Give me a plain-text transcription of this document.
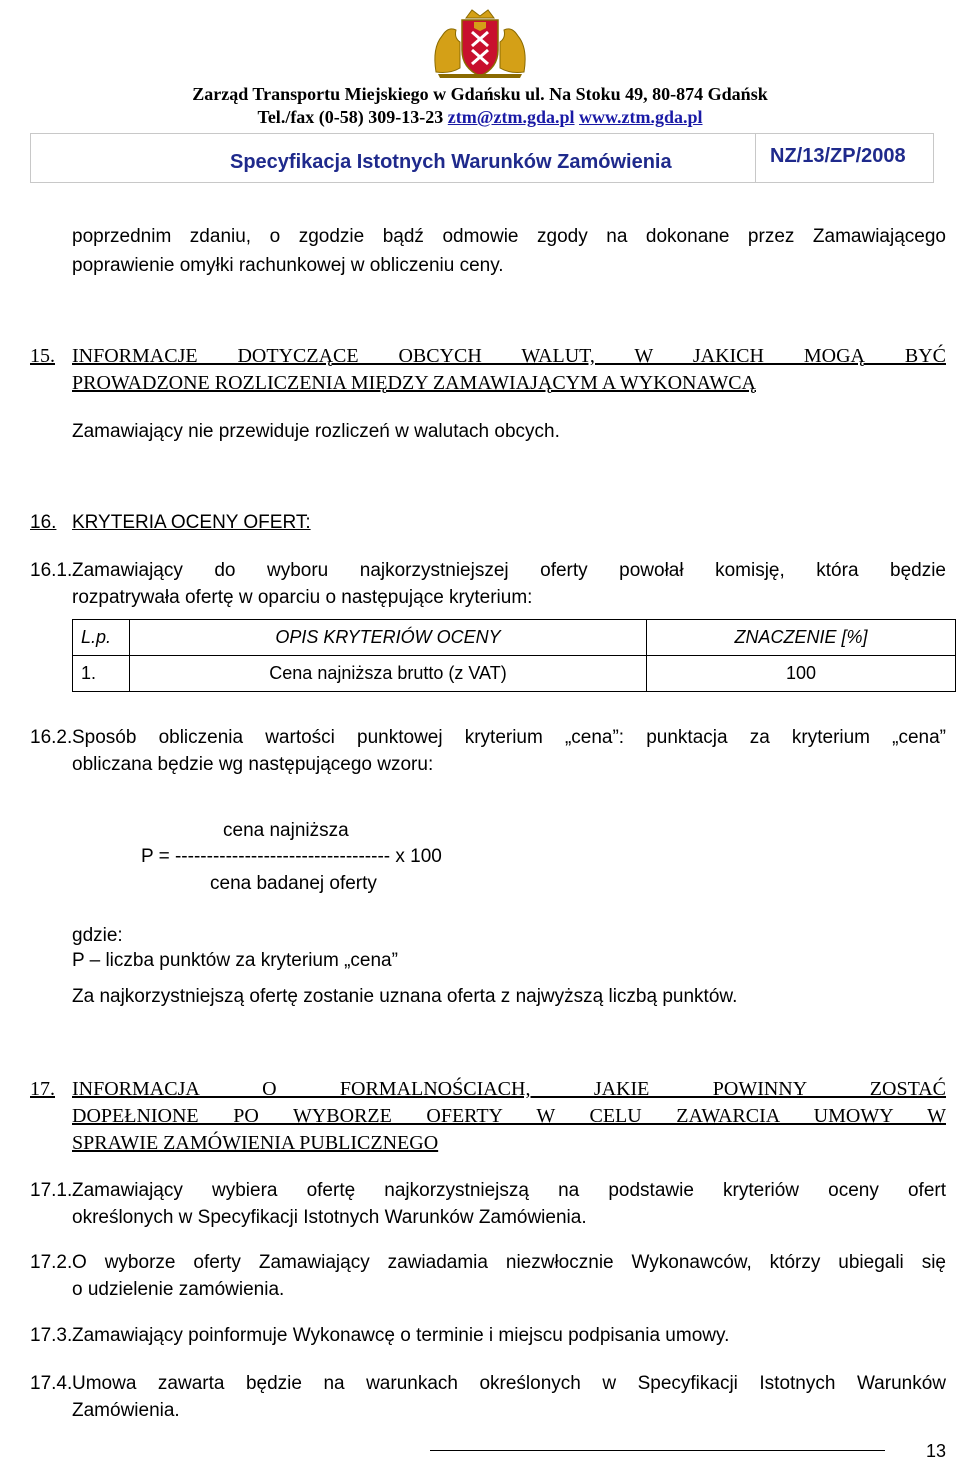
Zarząd Transportu Miejskiego w Gdańsku ul. Na Stoku 49, 80-874 Gdańsk

Tel./fax (0-58) 309-13-23 ztm@ztm.gda.pl www.ztm.gda.pl

Specyfikacja Istotnych Warunków Zamówienia	NZ/13/ZP/2008

poprzednim zdaniu, o zgodzie bądź odmowie zgody na dokonane przez Zamawiającego

poprawienie omyłki rachunkowej w obliczeniu ceny.

15. INFORMACJE DOTYCZĄCE OBCYCH WALUT, W JAKICH MOGĄ BYĆ

PROWADZONE ROZLICZENIA MIĘDZY ZAMAWIAJĄCYM A WYKONAWCĄ

Zamawiający nie przewiduje rozliczeń w walutach obcych.

16. KRYTERIA OCENY OFERT:

16.1. Zamawiający do wyboru najkorzystniejszej oferty powołał komisję, która będzie

rozpatrywała ofertę w oparciu o następujące kryterium:

L.p.	OPIS KRYTERIÓW OCENY	ZNACZENIE [%]
1.	Cena najniższa brutto (z VAT)	100

16.2. Sposób obliczenia wartości punktowej kryterium „cena”: punktacja za kryterium „cena”

obliczana będzie wg następującego wzoru:

cena najniższa

P = ---------------------------------- x 100

cena badanej oferty

gdzie:

P – liczba punktów za kryterium „cena”

Za najkorzystniejszą ofertę zostanie uznana oferta z najwyższą liczbą punktów.

17. INFORMACJA O FORMALNOŚCIACH, JAKIE POWINNY ZOSTAĆ

DOPEŁNIONE PO WYBORZE OFERTY W CELU ZAWARCIA UMOWY W

SPRAWIE ZAMÓWIENIA PUBLICZNEGO

17.1. Zamawiający wybiera ofertę najkorzystniejszą na podstawie kryteriów oceny ofert

określonych w Specyfikacji Istotnych Warunków Zamówienia.

17.2. O wyborze oferty Zamawiający zawiadamia niezwłocznie Wykonawców, którzy ubiegali się

o udzielenie zamówienia.

17.3. Zamawiający poinformuje Wykonawcę o terminie i miejscu podpisania umowy.

17.4. Umowa zawarta będzie na warunkach określonych w Specyfikacji Istotnych Warunków

Zamówienia.

13
